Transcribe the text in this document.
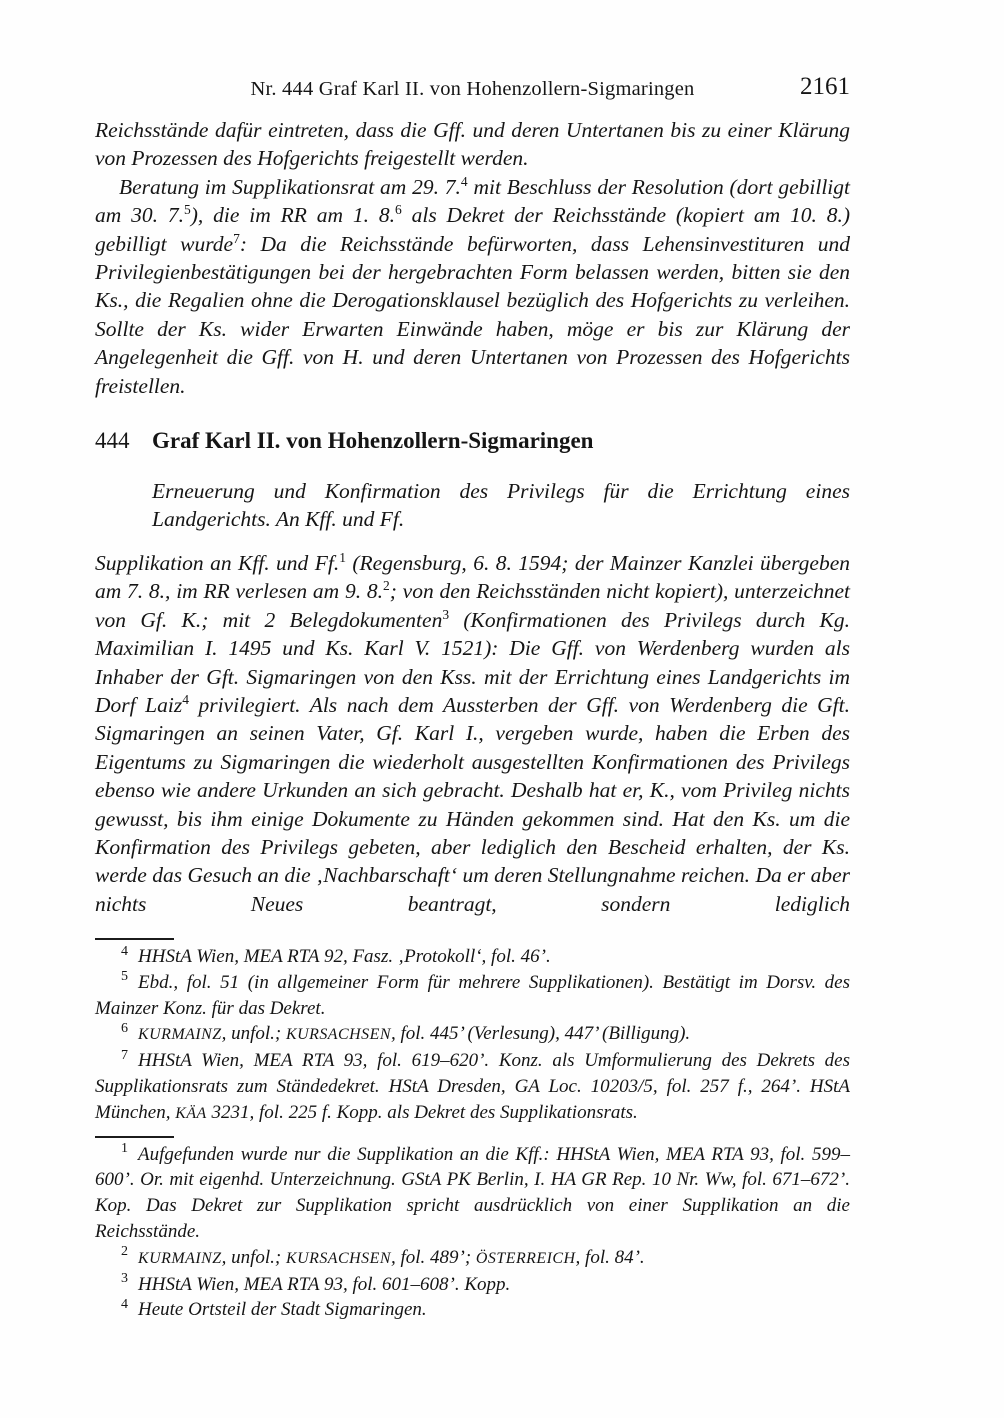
Nr. 444 Graf Karl II. von Hohenzollern-Sigmaringen	2161

Reichsstände dafür eintreten, dass die Gff. und deren Untertanen bis zu einer Klärung von Prozessen des Hofgerichts freigestellt werden.

Beratung im Supplikationsrat am 29. 7.$^4$ mit Beschluss der Resolution (dort gebilligt am 30. 7.$^5$), die im RR am 1. 8.$^6$ als Dekret der Reichsstände (kopiert am 10. 8.) gebilligt wurde$^7$: Da die Reichsstände befürworten, dass Lehensinvestituren und Privilegienbestätigungen bei der hergebrachten Form belassen werden, bitten sie den Ks., die Regalien ohne die Derogationsklausel bezüglich des Hofgerichts zu verleihen. Sollte der Ks. wider Erwarten Einwände haben, möge er bis zur Klärung der Angelegenheit die Gff. von H. und deren Untertanen von Prozessen des Hofgerichts freistellen.

444 Graf Karl II. von Hohenzollern-Sigmaringen

Erneuerung und Konfirmation des Privilegs für die Errichtung eines Landgerichts. An Kff. und Ff.

Supplikation an Kff. und Ff.$^1$ (Regensburg, 6. 8. 1594; der Mainzer Kanzlei übergeben am 7. 8., im RR verlesen am 9. 8.$^2$; von den Reichsständen nicht kopiert), unterzeichnet von Gf. K.; mit 2 Belegdokumenten$^3$ (Konfirmationen des Privilegs durch Kg. Maximilian I. 1495 und Ks. Karl V. 1521): Die Gff. von Werdenberg wurden als Inhaber der Gft. Sigmaringen von den Kss. mit der Errichtung eines Landgerichts im Dorf Laiz$^4$ privilegiert. Als nach dem Aussterben der Gff. von Werdenberg die Gft. Sigmaringen an seinen Vater, Gf. Karl I., vergeben wurde, haben die Erben des Eigentums zu Sigmaringen die wiederholt ausgestellten Konfirmationen des Privilegs ebenso wie andere Urkunden an sich gebracht. Deshalb hat er, K., vom Privileg nichts gewusst, bis ihm einige Dokumente zu Händen gekommen sind. Hat den Ks. um die Konfirmation des Privilegs gebeten, aber lediglich den Bescheid erhalten, der Ks. werde das Gesuch an die ‚Nachbarschaft‘ um deren Stellungnahme reichen. Da er aber nichts Neues beantragt, sondern lediglich

$^4$ HHStA Wien, MEA RTA 92, Fasz. ‚Protokoll‘, fol. 46’.

$^5$ Ebd., fol. 51 (in allgemeiner Form für mehrere Supplikationen). Bestätigt im Dorsv. des Mainzer Konz. für das Dekret.

$^6$ KURMAINZ, unfol.; KURSACHSEN, fol. 445’ (Verlesung), 447’ (Billigung).

$^7$ HHStA Wien, MEA RTA 93, fol. 619–620’. Konz. als Umformulierung des Dekrets des Supplikationsrats zum Ständedekret. HStA Dresden, GA Loc. 10203/5, fol. 257 f., 264’. HStA München, KÄA 3231, fol. 225 f. Kopp. als Dekret des Supplikationsrats.

$^1$ Aufgefunden wurde nur die Supplikation an die Kff.: HHStA Wien, MEA RTA 93, fol. 599–600’. Or. mit eigenhd. Unterzeichnung. GStA PK Berlin, I. HA GR Rep. 10 Nr. Ww, fol. 671–672’. Kop. Das Dekret zur Supplikation spricht ausdrücklich von einer Supplikation an die Reichsstände.

$^2$ KURMAINZ, unfol.; KURSACHSEN, fol. 489’; ÖSTERREICH, fol. 84’.

$^3$ HHStA Wien, MEA RTA 93, fol. 601–608’. Kopp.

$^4$ Heute Ortsteil der Stadt Sigmaringen.
